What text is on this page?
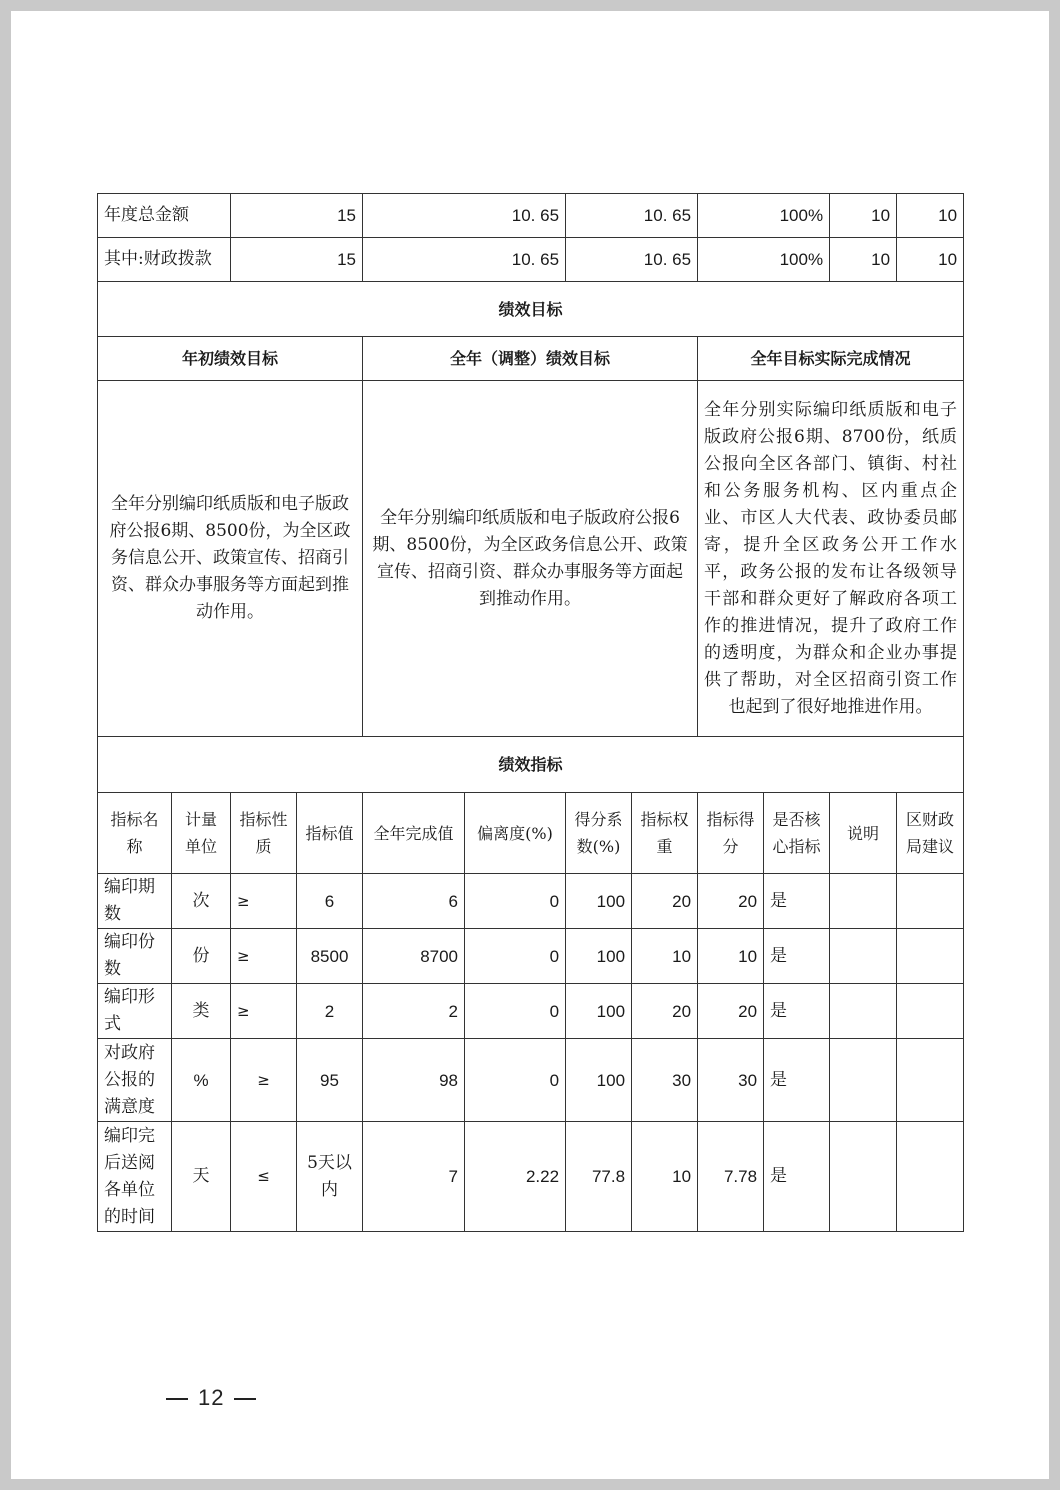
年度总金额		15		10. 65		10. 65		100%		10	10
其中:财政拨款		15		10. 65		10. 65		100%		10	10
绩效目标											
年初绩效目标				全年（调整）绩效目标				全年目标实际完成情况			
全年分别编印纸质版和电子版政府公报6期、8500份，为全区政务信息公开、政策宣传、招商引资、群众办事服务等方面起到推动作用。				全年分别编印纸质版和电子版政府公报6期、8500份，为全区政务信息公开、政策宣传、招商引资、群众办事服务等方面起到推动作用。				全年分别实际编印纸质版和电子版政府公报6期、8700份，纸质公报向全区各部门、镇街、村社和公务服务机构、区内重点企业、市区人大代表、政协委员邮寄，提升全区政务公开工作水平，政务公报的发布让各级领导干部和群众更好了解政府各项工作的推进情况，提升了政府工作的透明度，为群众和企业办事提供了帮助，对全区招商引资工作也起到了很好地推进作用。			
绩效指标											
指标名称	计量单位	指标性质	指标值	全年完成值	偏离度(%)	得分系数(%)	指标权重	指标得分	是否核心指标	说明	区财政局建议
编印期数	次	≥	6	6	0	100	20	20	是		
编印份数	份	≥	8500	8700	0	100	10	10	是		
编印形式	类	≥	2	2	0	100	20	20	是		
对政府公报的满意度	%	≥	95	98	0	100	30	30	是		
编印完后送阅各单位的时间	天	≤	5天以内	7	2.22	77.8	10	7.78	是		
12
